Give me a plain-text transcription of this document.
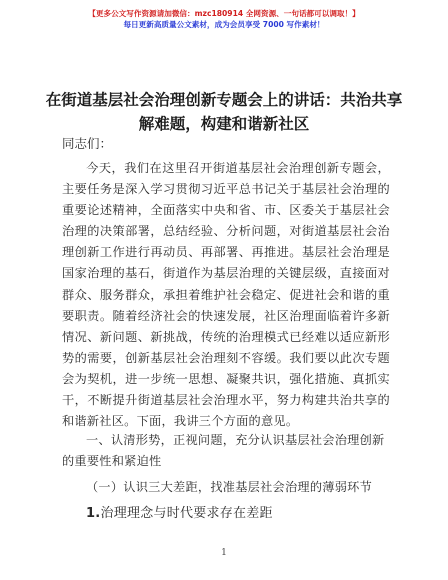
【更多公文写作资源请加微信：mzc180914 全网资源、一句话都可以调取！】
每日更新高质量公文素材，成为会员享受 7000 写作素材！
在街道基层社会治理创新专题会上的讲话：共治共享解难题，构建和谐新社区
同志们：
今天，我们在这里召开街道基层社会治理创新专题会，主要任务是深入学习贯彻习近平总书记关于基层社会治理的重要论述精神，全面落实中央和省、市、区委关于基层社会治理的决策部署，总结经验、分析问题，对街道基层社会治理创新工作进行再动员、再部署、再推进。基层社会治理是国家治理的基石，街道作为基层治理的关键层级，直接面对群众、服务群众，承担着维护社会稳定、促进社会和谐的重要职责。随着经济社会的快速发展，社区治理面临着许多新情况、新问题、新挑战，传统的治理模式已经难以适应新形势的需要，创新基层社会治理刻不容缓。我们要以此次专题会为契机，进一步统一思想、凝聚共识，强化措施、真抓实干，不断提升街道基层社会治理水平，努力构建共治共享的和谐新社区。下面，我讲三个方面的意见。
一、认清形势，正视问题，充分认识基层社会治理创新的重要性和紧迫性
（一）认识三大差距，找准基层社会治理的薄弱环节
1.治理理念与时代要求存在差距
1
